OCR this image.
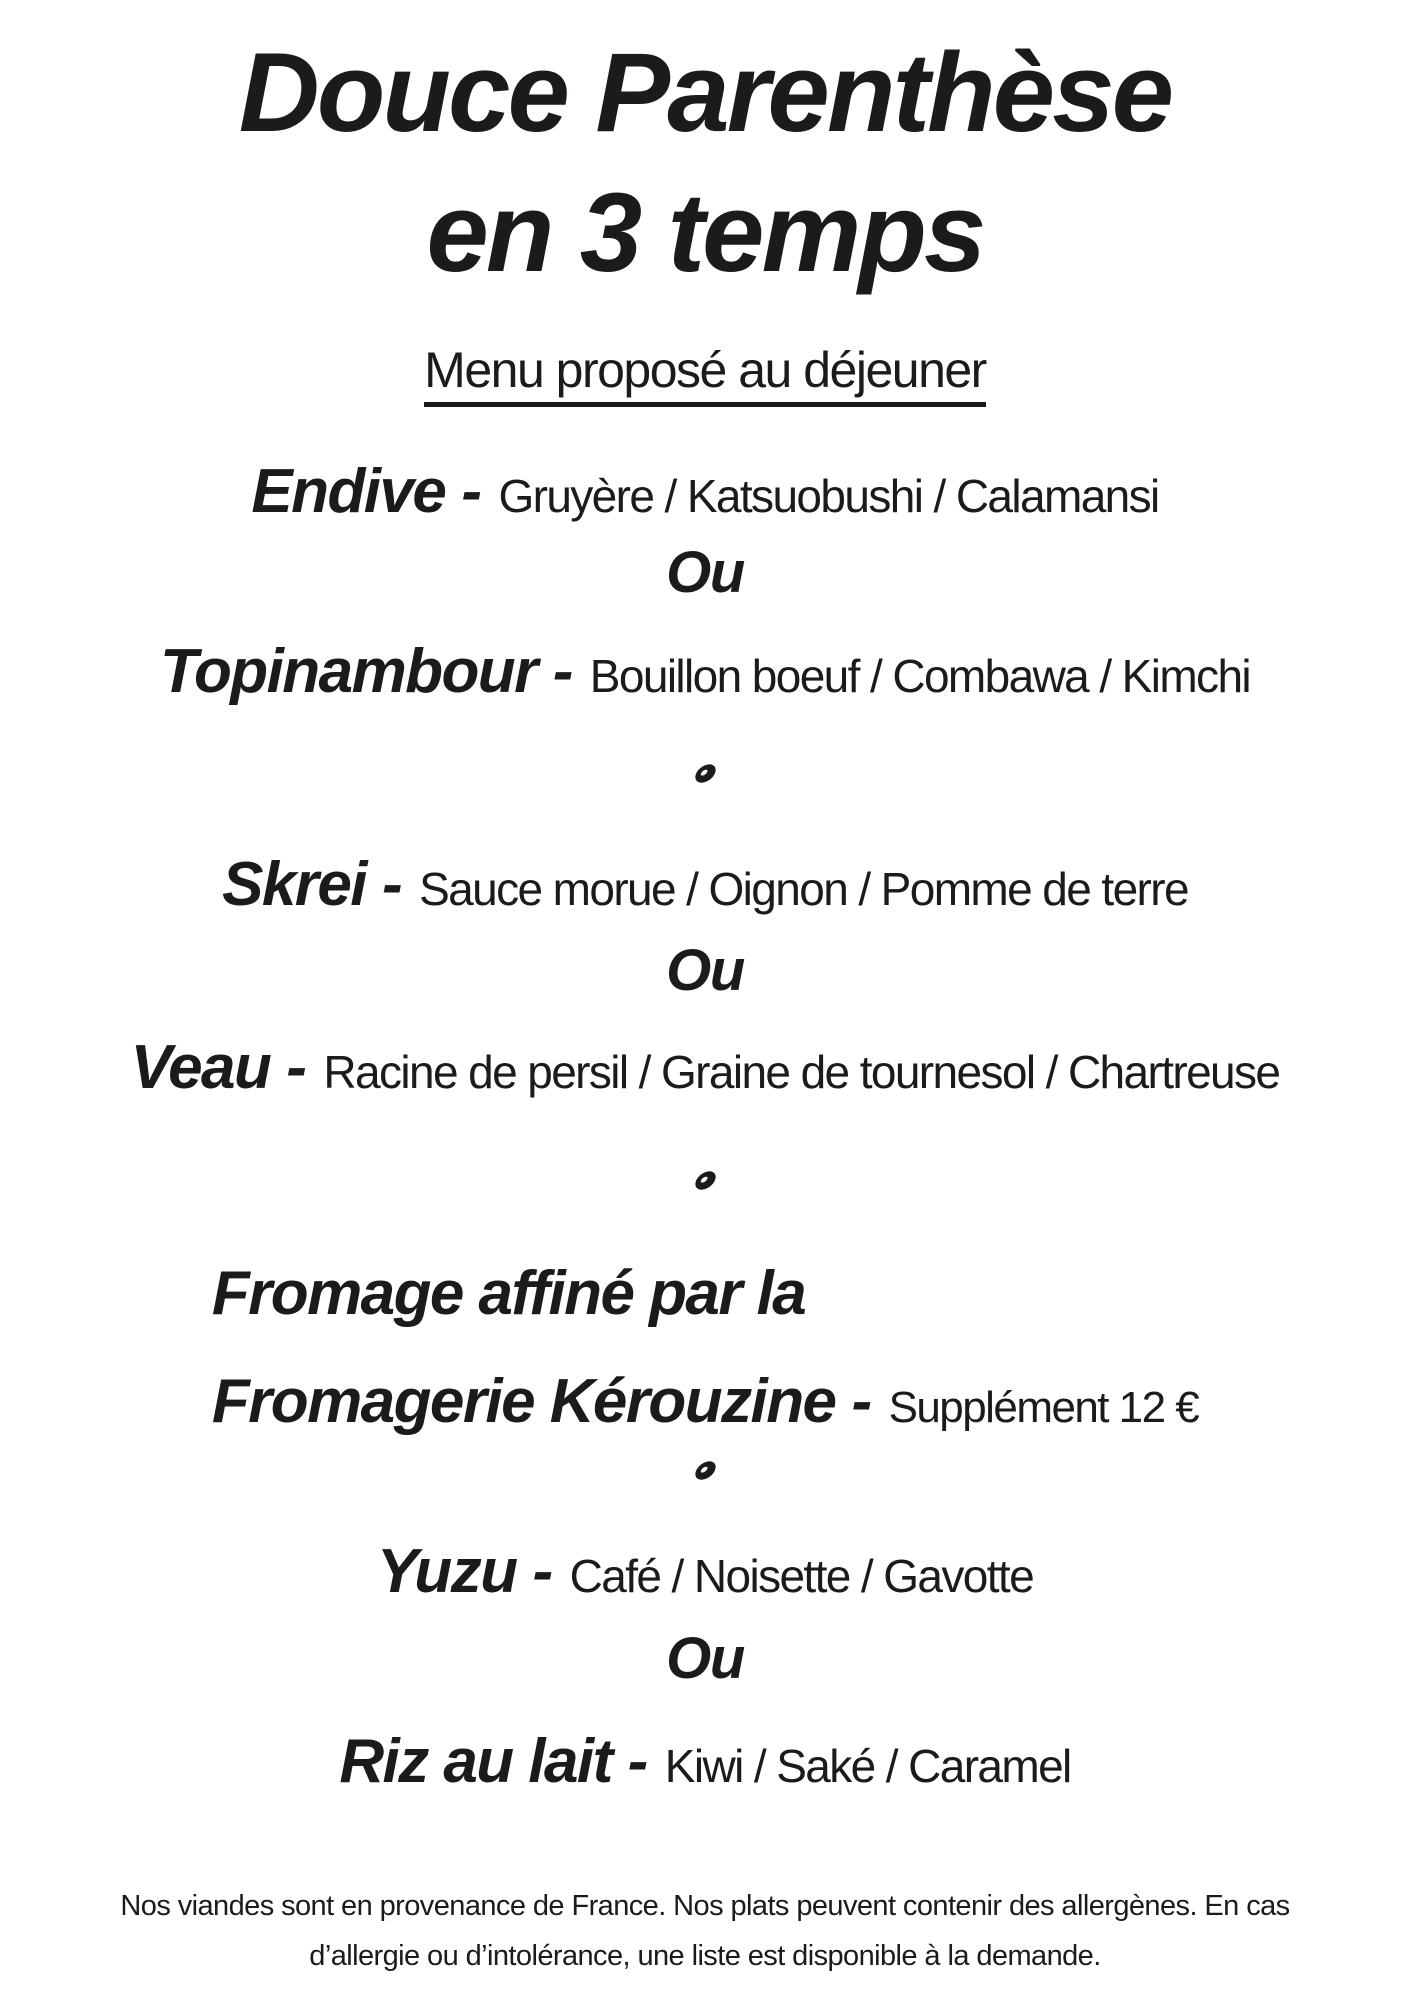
Douce Parenthèse
en 3 temps
Menu proposé au déjeuner
Endive - Gruyère / Katsuobushi / Calamansi
Ou
Topinambour - Bouillon boeuf / Combawa / Kimchi
Skrei - Sauce morue / Oignon / Pomme de terre
Ou
Veau - Racine de persil / Graine de tournesol / Chartreuse
Fromage affiné par la
Fromagerie Kérouzine - Supplément 12 €
Yuzu - Café / Noisette / Gavotte
Ou
Riz au lait - Kiwi / Saké / Caramel
Nos viandes sont en provenance de France. Nos plats peuvent contenir des allergènes. En cas
d’allergie ou d’intolérance, une liste est disponible à la demande.
